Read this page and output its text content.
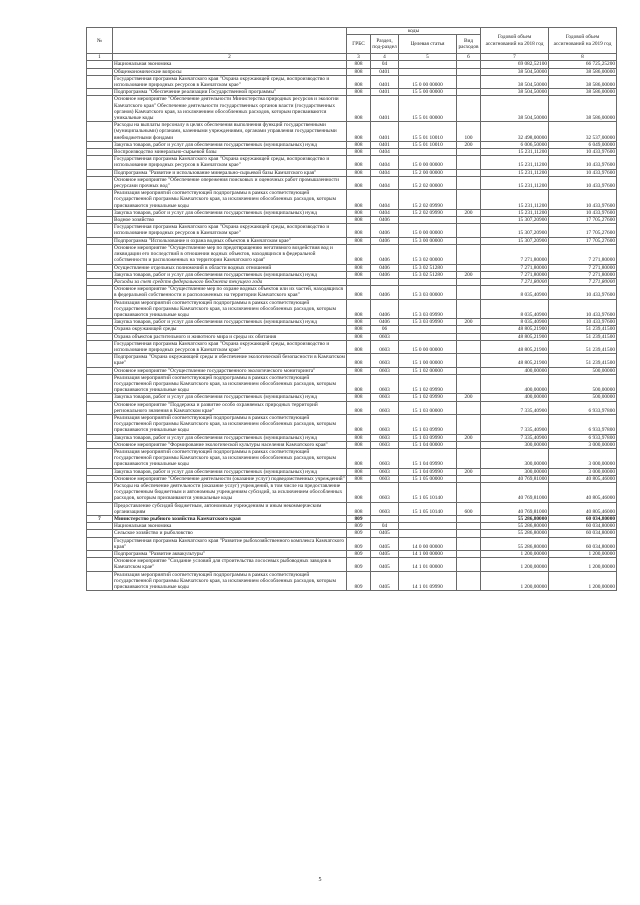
№		коды				Годовой объем ассигнований на 2018 год	Годовой объем ассигнований на 2019 год
		ГРБС	Раздел, под-раздел	Целевая статья	Вид расходов		
1	2	3	4	5	6	7	8
	Национальная экономика	808	04			69 082,52100	66 725,25200
	Общеэкономические вопросы	808	0401			38 504,50000	38 586,00000
	Государственная программа Камчатского края "Охрана окружающей среды, воспроизводство и использование природных ресурсов в Камчатском крае"	808	0401	15 0 00 00000		38 504,50000	38 586,00000
	Подпрограмма "Обеспечение реализации Государственной программы"	808	0401	15 5 00 00000		38 504,50000	38 586,00000
	Основное мероприятие "Обеспечение деятельности Министерства природных ресурсов и экологии Камчатского края" Обеспечение деятельности государственных органов власти (государственных органов) Камчатского края, за исключением обособленных расходов, которым присваиваются уникальные коды	808	0401	15 5 01 00000		38 504,50000	38 586,00000
	Расходы на выплаты персоналу в целях обеспечения выполнения функций государственными (муниципальными) органами, казенными учреждениями, органами управления государственными внебюджетными фондами	808	0401	15 5 01 10010	100	32 498,00000	32 537,00000
	Закупка товаров, работ и услуг для обеспечения государственных (муниципальных) нужд	808	0401	15 5 01 10010	200	6 006,50000	6 049,00000
	Воспроизводство минерально-сырьевой базы	808	0404			15 231,11200	10 433,97600
	Государственная программа Камчатского края "Охрана окружающей среды, воспроизводство и использование природных ресурсов в Камчатском крае"	808	0404	15 0 00 00000		15 231,11200	10 433,97600
	Подпрограмма "Развитие и использование минерально-сырьевой базы Камчатского края"	808	0404	15 2 00 00000		15 231,11200	10 433,97600
	Основное мероприятие "Обеспечение опережения поисковых и оценочных работ промышленности ресурсами прочных вод"	808	0404	15 2 02 00000		15 231,11200	10 433,97600
	Реализация мероприятий соответствующей подпрограммы в рамках соответствующей государственной программы Камчатского края, за исключением обособленных расходов, которым присваиваются уникальные коды	808	0404	15 2 02 09990		15 231,11200	10 433,97600
	Закупка товаров, работ и услуг для обеспечения государственных (муниципальных) нужд	808	0404	15 2 02 09990	200	15 231,11200	10 433,97600
	Водное хозяйство	808	0406			15 307,20900	17 705,27600
	Государственная программа Камчатского края "Охрана окружающей среды, воспроизводство и использование природных ресурсов в Камчатском крае"	808	0406	15 0 00 00000		15 307,20900	17 705,27600
	Подпрограмма "Использование и охрана водных объектов в Камчатском крае"	808	0406	15 3 00 00000		15 307,20900	17 705,27600
	Основное мероприятие "Осуществление мер по предотвращению негативного воздействия вод и ликвидации его последствий в отношении водных объектов, находящихся в федеральной собственности и расположенных на территории Камчатского края"	808	0406	15 3 02 00000		7 271,80000	7 271,80000
	Осуществление отдельных полномочий в области водных отношений	808	0406	15 3 02 51280		7 271,80000	7 271,80000
	Закупка товаров, работ и услуг для обеспечения государственных (муниципальных) нужд	808	0406	15 3 02 51280	200	7 271,80000	7 271,80000
	Расходы за счет средств федерального бюджета текущего года					7 271,80000	7 271,80000
	Основное мероприятие "Осуществление мер по охране водных объектов или их частей, находящихся в федеральной собственности и расположенных на территории Камчатского края"	808	0406	15 3 03 00000		8 035,40900	10 433,97600
	Реализация мероприятий соответствующей подпрограммы в рамках соответствующей государственной программы Камчатского края, за исключением обособленных расходов, которым присваиваются уникальные коды	808	0406	15 3 03 09990		8 035,40900	10 433,97600
	Закупка товаров, работ и услуг для обеспечения государственных (муниципальных) нужд	808	0406	15 3 03 09990	200	8 035,40900	10 433,97600
	Охрана окружающей среды	808	06			48 805,21900	51 239,41500
	Охрана объектов растительного и животного мира и среды их обитания	808	0603			48 805,21900	51 239,41500
	Государственная программа Камчатского края "Охрана окружающей среды, воспроизводство и использование природных ресурсов в Камчатском крае"	808	0603	15 0 00 00000		48 805,21900	51 239,41500
	Подпрограмма "Охрана окружающей среды и обеспечение экологической безопасности в Камчатском крае"	808	0603	15 1 00 00000		48 805,21900	51 239,41500
	Основное мероприятие "Осуществление государственного экологического мониторинга"	808	0603	15 1 02 00000		400,00000	500,00000
	Реализация мероприятий соответствующей подпрограммы в рамках соответствующей государственной программы Камчатского края, за исключением обособленных расходов, которым присваиваются уникальные коды	808	0603	15 1 02 09990		400,00000	500,00000
	Закупка товаров, работ и услуг для обеспечения государственных (муниципальных) нужд	808	0603	15 1 02 09990	200	400,00000	500,00000
	Основное мероприятие "Поддержка и развитие особо охраняемых природных территорий регионального значения в Камчатском крае"	808	0603	15 1 03 00000		7 335,40900	6 933,97800
	Реализация мероприятий соответствующей подпрограммы в рамках соответствующей государственной программы Камчатского края, за исключением обособленных расходов, которым присваиваются уникальные коды	808	0603	15 1 03 09990		7 335,40900	6 933,97800
	Закупка товаров, работ и услуг для обеспечения государственных (муниципальных) нужд	808	0603	15 1 03 09990	200	7 335,40900	6 933,97800
	Основное мероприятие "Формирование экологической культуры населения Камчатского края"	808	0603	15 1 04 00000		300,00000	3 000,00000
	Реализация мероприятий соответствующей подпрограммы в рамках соответствующей государственной программы Камчатского края, за исключением обособленных расходов, которым присваиваются уникальные коды	808	0603	15 1 04 09990		300,00000	3 000,00000
	Закупка товаров, работ и услуг для обеспечения государственных (муниципальных) нужд	808	0603	15 1 04 09990	200	300,00000	3 000,00000
	Основное мероприятие "Обеспечение деятельности (оказание услуг) подведомственных учреждений"	808	0603	15 1 05 00000		40 769,81000	40 805,46000
	Расходы на обеспечение деятельности (оказание услуг) учреждений, в том числе на предоставление государственным бюджетным и автономным учреждениям субсидий, за исключением обособленных расходов, которым присваиваются уникальные коды	808	0603	15 1 05 10140		40 769,81000	40 805,46000
	Предоставление субсидий бюджетным, автономным учреждениям и иным некоммерческим организациям	808	0603	15 1 05 10140	600	40 769,81000	40 805,46000
7	Министерство рыбного хозяйства Камчатского края	809				55 286,80000	60 034,80000
	Национальная экономика	809	04			55 286,80000	60 034,80000
	Сельское хозяйство и рыболовство	809	0405			55 286,80000	60 034,80000
	Государственная программа Камчатского края "Развитие рыбохозяйственного комплекса Камчатского края"	809	0405	14 0 00 00000		55 286,80000	60 034,80000
	Подпрограмма "Развитие аквакультуры"	809	0405	14 1 00 00000		1 200,00000	1 200,00000
	Основное мероприятие "Создание условий для строительства лососевых рыбоводных заводов в Камчатском крае"	809	0405	14 1 01 00000		1 200,00000	1 200,00000
	Реализация мероприятий соответствующей подпрограммы в рамках соответствующей государственной программы Камчатского края, за исключением обособленных расходов, которым присваиваются уникальные коды	809	0405	14 1 01 09990		1 200,00000	1 200,00000
5
